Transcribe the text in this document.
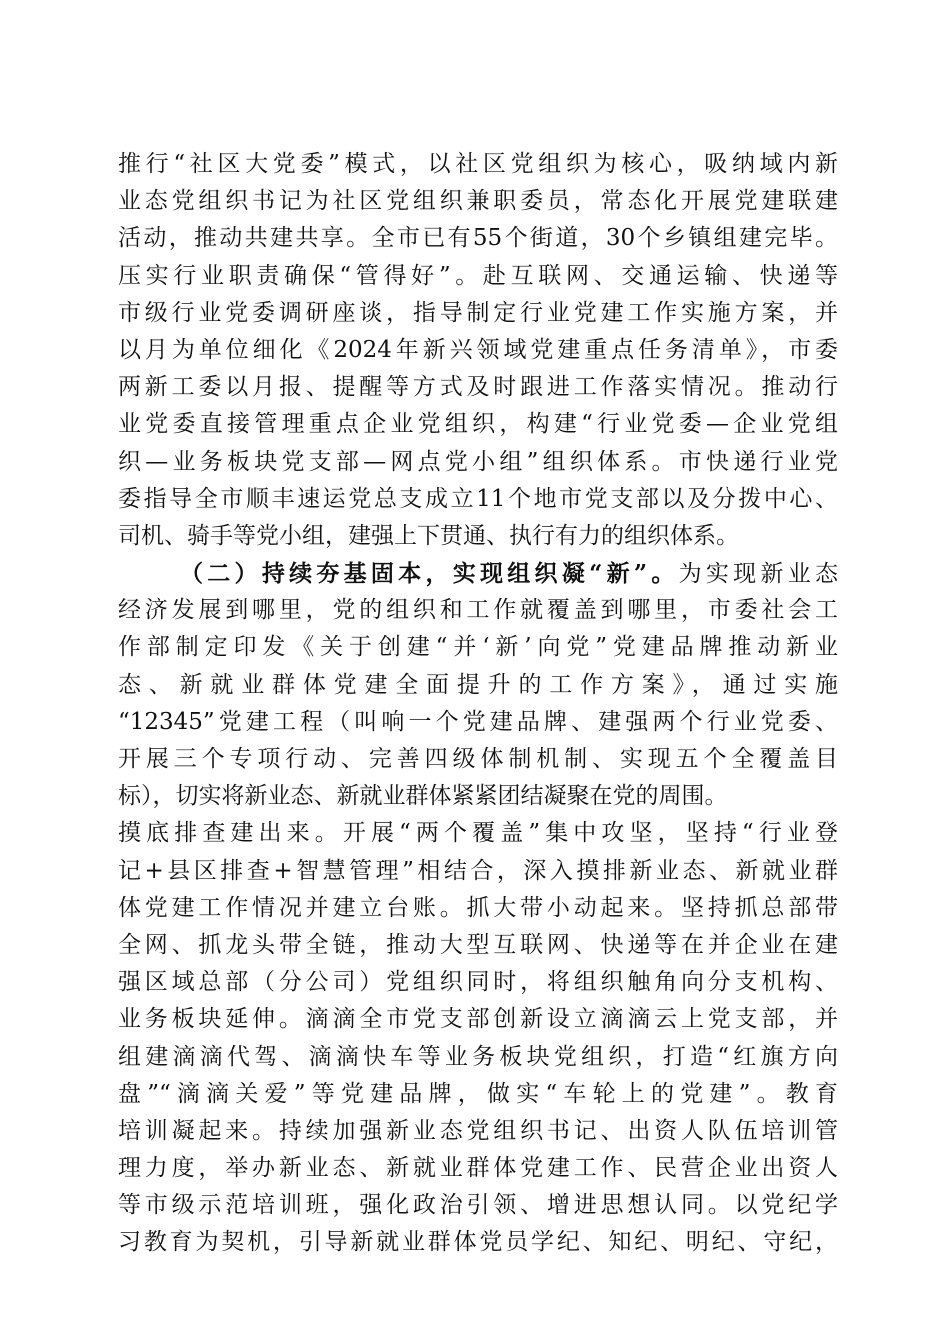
推行“社区大党委”模式，以社区党组织为核心，吸纳域内新
业态党组织书记为社区党组织兼职委员，常态化开展党建联建
活动，推动共建共享。全市已有55个街道，30个乡镇组建完毕。
压实行业职责确保“管得好”。赴互联网、交通运输、快递等
市级行业党委调研座谈，指导制定行业党建工作实施方案，并
以月为单位细化《2024年新兴领域党建重点任务清单》，市委
两新工委以月报、提醒等方式及时跟进工作落实情况。推动行
业党委直接管理重点企业党组织，构建“行业党委—企业党组
织—业务板块党支部—网点党小组”组织体系。市快递行业党
委指导全市顺丰速运党总支成立11个地市党支部以及分拨中心、
司机、骑手等党小组，建强上下贯通、执行有力的组织体系。
（二）持续夯基固本，实现组织凝“新”。为实现新业态
经济发展到哪里，党的组织和工作就覆盖到哪里，市委社会工
作部制定印发《关于创建“并‘新’向党”党建品牌推动新业
态、新就业群体党建全面提升的工作方案》，通过实施
“12345”党建工程（叫响一个党建品牌、建强两个行业党委、
开展三个专项行动、完善四级体制机制、实现五个全覆盖目
标），切实将新业态、新就业群体紧紧团结凝聚在党的周围。
摸底排查建出来。开展“两个覆盖”集中攻坚，坚持“行业登
记+县区排查+智慧管理”相结合，深入摸排新业态、新就业群
体党建工作情况并建立台账。抓大带小动起来。坚持抓总部带
全网、抓龙头带全链，推动大型互联网、快递等在并企业在建
强区域总部（分公司）党组织同时，将组织触角向分支机构、
业务板块延伸。滴滴全市党支部创新设立滴滴云上党支部，并
组建滴滴代驾、滴滴快车等业务板块党组织，打造“红旗方向
盘”“滴滴关爱”等党建品牌，做实“车轮上的党建”。教育
培训凝起来。持续加强新业态党组织书记、出资人队伍培训管
理力度，举办新业态、新就业群体党建工作、民营企业出资人
等市级示范培训班，强化政治引领、增进思想认同。以党纪学
习教育为契机，引导新就业群体党员学纪、知纪、明纪、守纪，
